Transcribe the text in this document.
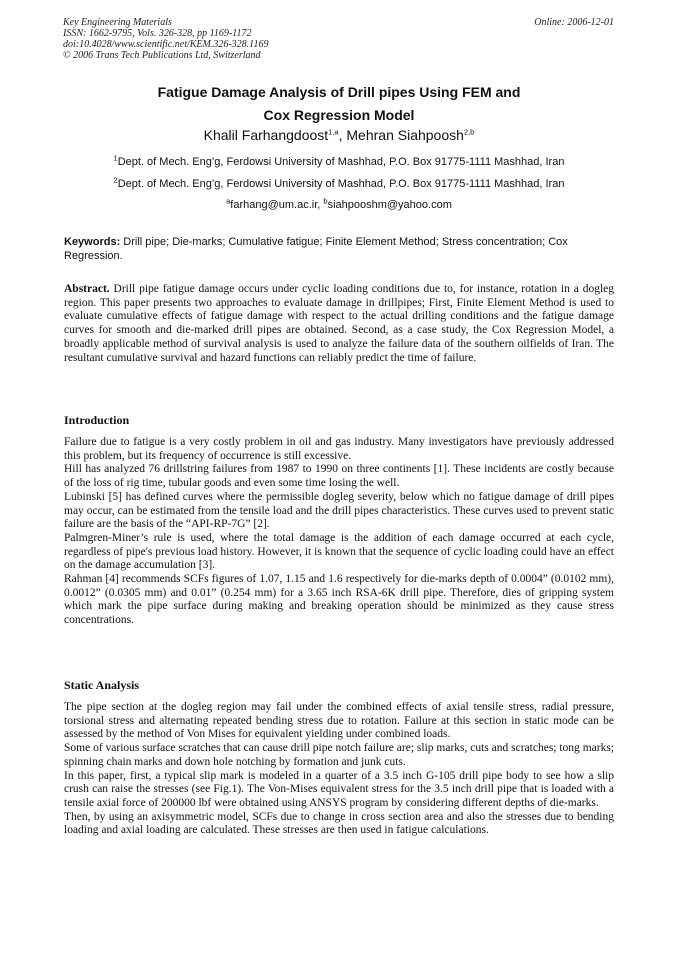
Key Engineering Materials
ISSN: 1662-9795, Vols. 326-328, pp 1169-1172
doi:10.4028/www.scientific.net/KEM.326-328.1169
© 2006 Trans Tech Publications Ltd, Switzerland
Online: 2006-12-01
Fatigue Damage Analysis of Drill pipes Using FEM and
Cox Regression Model
Khalil Farhangdoost$^{1,a}$, Mehran Siahpoosh$^{2,b}$
$^1$Dept. of Mech. Eng’g, Ferdowsi University of Mashhad, P.O. Box 91775-1111 Mashhad, Iran
$^2$Dept. of Mech. Eng’g, Ferdowsi University of Mashhad, P.O. Box 91775-1111 Mashhad, Iran
$^a$farhang@um.ac.ir, $^b$siahpooshm@yahoo.com
Keywords: Drill pipe; Die-marks; Cumulative fatigue; Finite Element Method; Stress concentration; Cox Regression.

Abstract. Drill pipe fatigue damage occurs under cyclic loading conditions due to, for instance, rotation in a dogleg region. This paper presents two approaches to evaluate damage in drillpipes; First, Finite Element Method is used to evaluate cumulative effects of fatigue damage with respect to the actual drilling conditions and the fatigue damage curves for smooth and die-marked drill pipes are obtained. Second, as a case study, the Cox Regression Model, a broadly applicable method of survival analysis is used to analyze the failure data of the southern oilfields of Iran. The resultant cumulative survival and hazard functions can reliably predict the time of failure.

Introduction

Failure due to fatigue is a very costly problem in oil and gas industry. Many investigators have previously addressed this problem, but its frequency of occurrence is still excessive.

Hill has analyzed 76 drillstring failures from 1987 to 1990 on three continents [1]. These incidents are costly because of the loss of rig time, tubular goods and even some time losing the well.

Lubinski [5] has defined curves where the permissible dogleg severity, below which no fatigue damage of drill pipes may occur, can be estimated from the tensile load and the drill pipes characteristics. These curves used to prevent static failure are the basis of the “API-RP-7G” [2].

Palmgren-Miner’s rule is used, where the total damage is the addition of each damage occurred at each cycle, regardless of pipe's previous load history. However, it is known that the sequence of cyclic loading could have an effect on the damage accumulation [3].

Rahman [4] recommends SCFs figures of 1.07, 1.15 and 1.6 respectively for die-marks depth of 0.0004” (0.0102 mm), 0.0012” (0.0305 mm) and 0.01” (0.254 mm) for a 3.65 inch RSA-6K drill pipe. Therefore, dies of gripping system which mark the pipe surface during making and breaking operation should be minimized as they cause stress concentrations.

Static Analysis

The pipe section at the dogleg region may fail under the combined effects of axial tensile stress, radial pressure, torsional stress and alternating repeated bending stress due to rotation. Failure at this section in static mode can be assessed by the method of Von Mises for equivalent yielding under combined loads.

Some of various surface scratches that can cause drill pipe notch failure are; slip marks, cuts and scratches; tong marks; spinning chain marks and down hole notching by formation and junk cuts.

In this paper, first, a typical slip mark is modeled in a quarter of a 3.5 inch G-105 drill pipe body to see how a slip crush can raise the stresses (see Fig.1). The Von-Mises equivalent stress for the 3.5 inch drill pipe that is loaded with a tensile axial force of 200000 lbf were obtained using ANSYS program by considering different depths of die-marks.

Then, by using an axisymmetric model, SCFs due to change in cross section area and also the stresses due to bending loading and axial loading are calculated. These stresses are then used in fatigue calculations.
